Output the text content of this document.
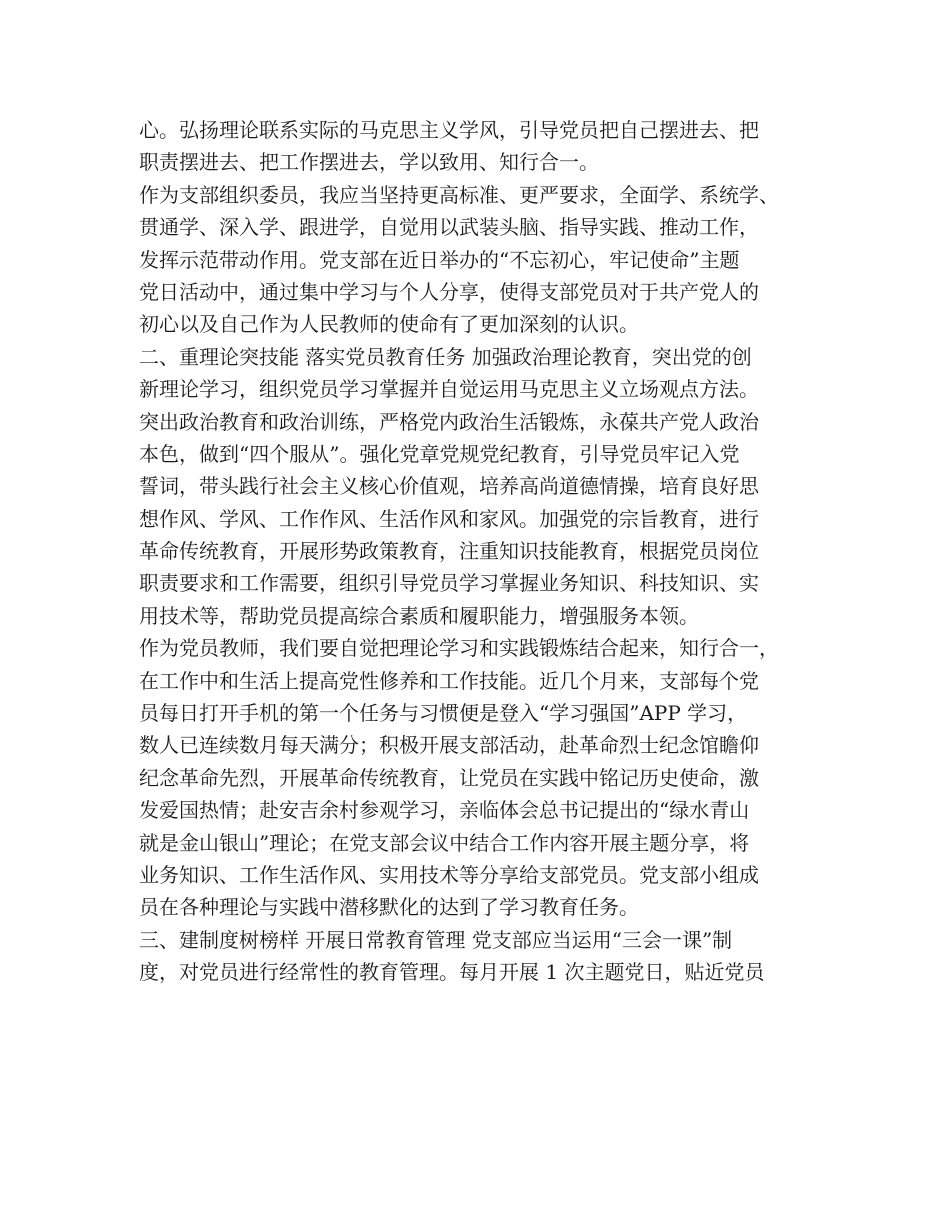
心。弘扬理论联系实际的马克思主义学风，引导党员把自己摆进去、把
职责摆进去、把工作摆进去，学以致用、知行合一。
作为支部组织委员，我应当坚持更高标准、更严要求，全面学、系统学、
贯通学、深入学、跟进学，自觉用以武装头脑、指导实践、推动工作，
发挥示范带动作用。党支部在近日举办的“不忘初心，牢记使命”主题
党日活动中，通过集中学习与个人分享，使得支部党员对于共产党人的
初心以及自己作为人民教师的使命有了更加深刻的认识。
二、重理论突技能 落实党员教育任务 加强政治理论教育，突出党的创
新理论学习，组织党员学习掌握并自觉运用马克思主义立场观点方法。
突出政治教育和政治训练，严格党内政治生活锻炼，永葆共产党人政治
本色，做到“四个服从”。强化党章党规党纪教育，引导党员牢记入党
誓词，带头践行社会主义核心价值观，培养高尚道德情操，培育良好思
想作风、学风、工作作风、生活作风和家风。加强党的宗旨教育，进行
革命传统教育，开展形势政策教育，注重知识技能教育，根据党员岗位
职责要求和工作需要，组织引导党员学习掌握业务知识、科技知识、实
用技术等，帮助党员提高综合素质和履职能力，增强服务本领。
作为党员教师，我们要自觉把理论学习和实践锻炼结合起来，知行合一，
在工作中和生活上提高党性修养和工作技能。近几个月来，支部每个党
员每日打开手机的第一个任务与习惯便是登入“学习强国”APP 学习，
数人已连续数月每天满分；积极开展支部活动，赴革命烈士纪念馆瞻仰
纪念革命先烈，开展革命传统教育，让党员在实践中铭记历史使命，激
发爱国热情；赴安吉余村参观学习，亲临体会总书记提出的“绿水青山
就是金山银山”理论；在党支部会议中结合工作内容开展主题分享，将
业务知识、工作生活作风、实用技术等分享给支部党员。党支部小组成
员在各种理论与实践中潜移默化的达到了学习教育任务。
三、建制度树榜样 开展日常教育管理 党支部应当运用“三会一课”制
度，对党员进行经常性的教育管理。每月开展 1 次主题党日，贴近党员
